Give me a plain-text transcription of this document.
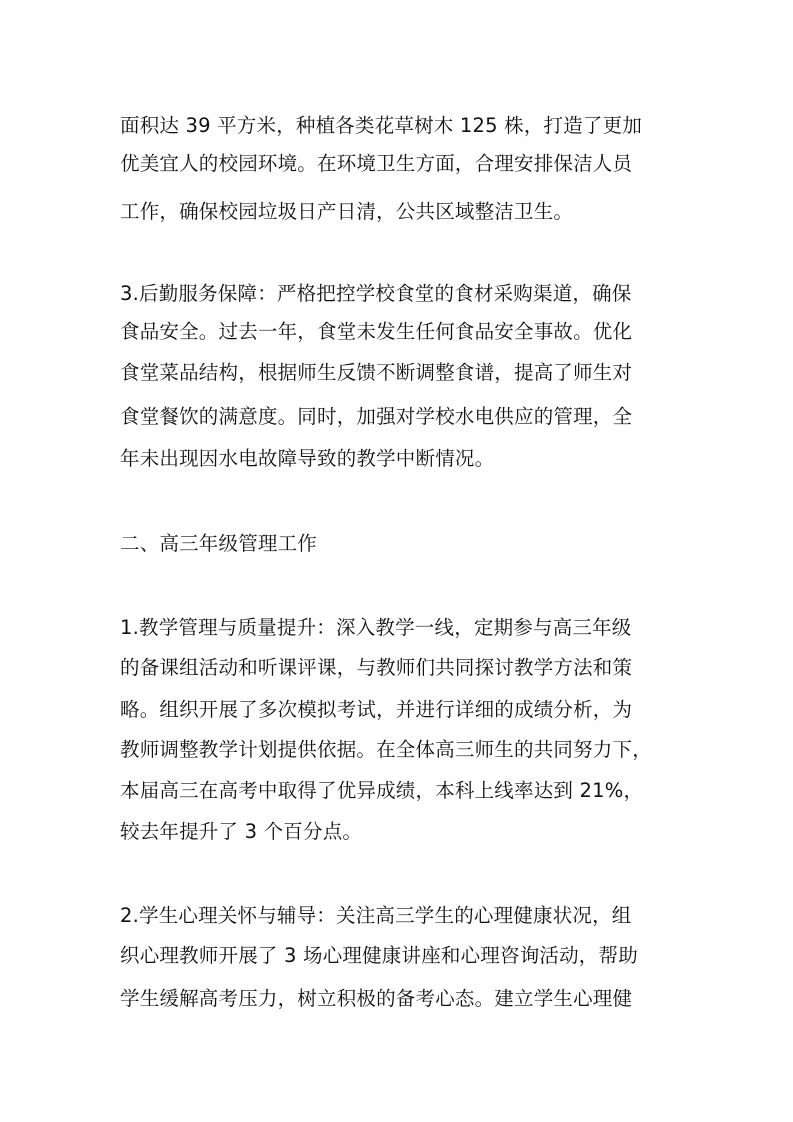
面积达 39 平方米，种植各类花草树木 125 株，打造了更加
优美宜人的校园环境。在环境卫生方面，合理安排保洁人员
工作，确保校园垃圾日产日清，公共区域整洁卫生。
3.后勤服务保障：严格把控学校食堂的食材采购渠道，确保
食品安全。过去一年，食堂未发生任何食品安全事故。优化
食堂菜品结构，根据师生反馈不断调整食谱，提高了师生对
食堂餐饮的满意度。同时，加强对学校水电供应的管理，全
年未出现因水电故障导致的教学中断情况。
二、高三年级管理工作
1.教学管理与质量提升：深入教学一线，定期参与高三年级
的备课组活动和听课评课，与教师们共同探讨教学方法和策
略。组织开展了多次模拟考试，并进行详细的成绩分析，为
教师调整教学计划提供依据。在全体高三师生的共同努力下，
本届高三在高考中取得了优异成绩，本科上线率达到 21%，
较去年提升了 3 个百分点。
2.学生心理关怀与辅导：关注高三学生的心理健康状况，组
织心理教师开展了 3 场心理健康讲座和心理咨询活动，帮助
学生缓解高考压力，树立积极的备考心态。建立学生心理健
